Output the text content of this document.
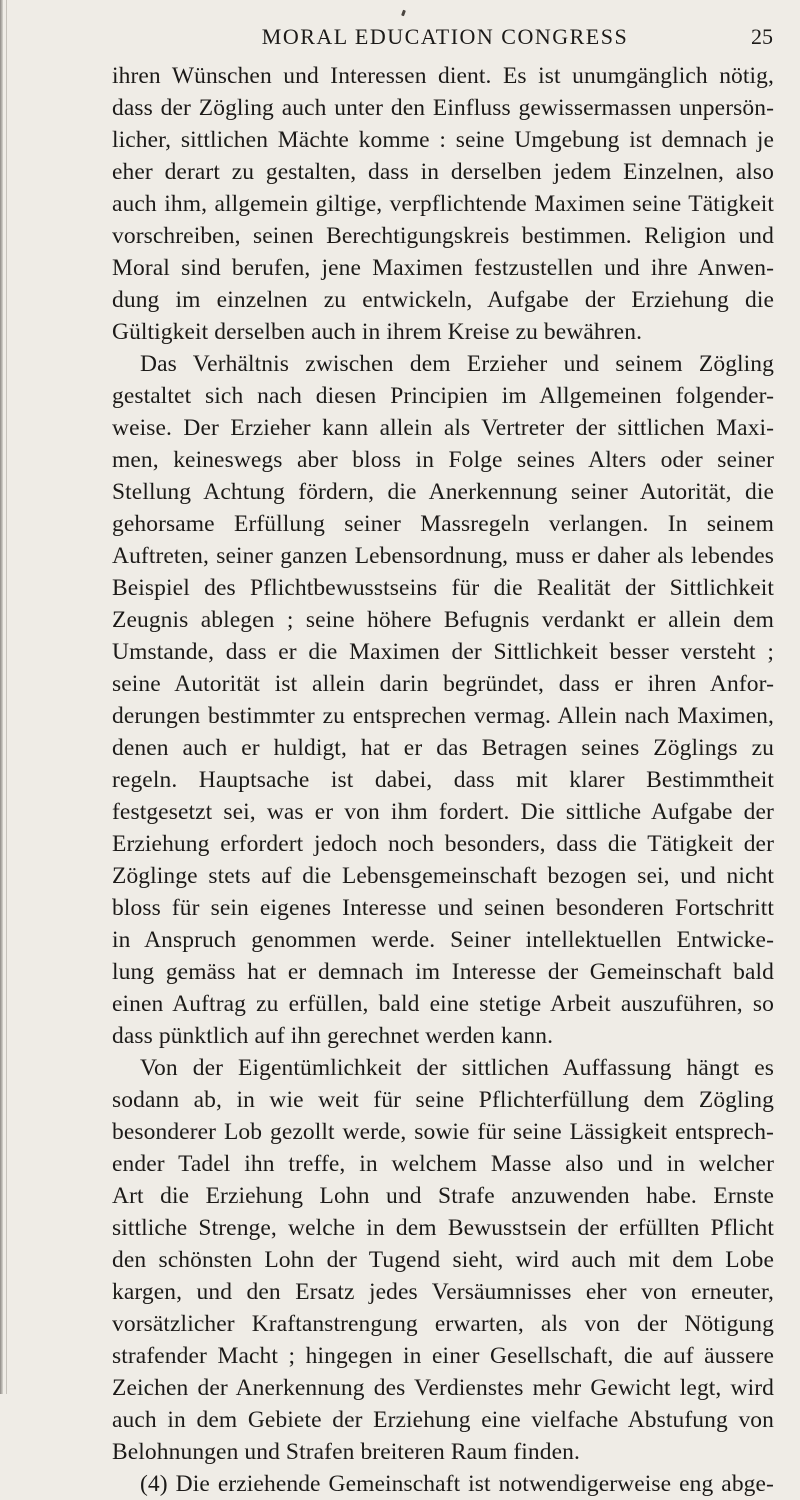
MORAL EDUCATION CONGRESS	25
ihren Wünschen und Interessen dient. Es ist unumgänglich nötig,
dass der Zögling auch unter den Einfluss gewissermassen unpersön-
licher, sittlichen Mächte komme : seine Umgebung ist demnach je
eher derart zu gestalten, dass in derselben jedem Einzelnen, also
auch ihm, allgemein giltige, verpflichtende Maximen seine Tätigkeit
vorschreiben, seinen Berechtigungskreis bestimmen. Religion und
Moral sind berufen, jene Maximen festzustellen und ihre Anwen-
dung im einzelnen zu entwickeln, Aufgabe der Erziehung die
Gültigkeit derselben auch in ihrem Kreise zu bewähren.
Das Verhältnis zwischen dem Erzieher und seinem Zögling
gestaltet sich nach diesen Principien im Allgemeinen folgender-
weise. Der Erzieher kann allein als Vertreter der sittlichen Maxi-
men, keineswegs aber bloss in Folge seines Alters oder seiner
Stellung Achtung fördern, die Anerkennung seiner Autorität, die
gehorsame Erfüllung seiner Massregeln verlangen. In seinem
Auftreten, seiner ganzen Lebensordnung, muss er daher als lebendes
Beispiel des Pflichtbewusstseins für die Realität der Sittlichkeit
Zeugnis ablegen ; seine höhere Befugnis verdankt er allein dem
Umstande, dass er die Maximen der Sittlichkeit besser versteht ;
seine Autorität ist allein darin begründet, dass er ihren Anfor-
derungen bestimmter zu entsprechen vermag. Allein nach Maximen,
denen auch er huldigt, hat er das Betragen seines Zöglings zu
regeln. Hauptsache ist dabei, dass mit klarer Bestimmtheit
festgesetzt sei, was er von ihm fordert. Die sittliche Aufgabe der
Erziehung erfordert jedoch noch besonders, dass die Tätigkeit der
Zöglinge stets auf die Lebensgemeinschaft bezogen sei, und nicht
bloss für sein eigenes Interesse und seinen besonderen Fortschritt
in Anspruch genommen werde. Seiner intellektuellen Entwicke-
lung gemäss hat er demnach im Interesse der Gemeinschaft bald
einen Auftrag zu erfüllen, bald eine stetige Arbeit auszuführen, so
dass pünktlich auf ihn gerechnet werden kann.
Von der Eigentümlichkeit der sittlichen Auffassung hängt es
sodann ab, in wie weit für seine Pflichterfüllung dem Zögling
besonderer Lob gezollt werde, sowie für seine Lässigkeit entsprech-
ender Tadel ihn treffe, in welchem Masse also und in welcher
Art die Erziehung Lohn und Strafe anzuwenden habe. Ernste
sittliche Strenge, welche in dem Bewusstsein der erfüllten Pflicht
den schönsten Lohn der Tugend sieht, wird auch mit dem Lobe
kargen, und den Ersatz jedes Versäumnisses eher von erneuter,
vorsätzlicher Kraftanstrengung erwarten, als von der Nötigung
strafender Macht ; hingegen in einer Gesellschaft, die auf äussere
Zeichen der Anerkennung des Verdienstes mehr Gewicht legt, wird
auch in dem Gebiete der Erziehung eine vielfache Abstufung von
Belohnungen und Strafen breiteren Raum finden.
(4) Die erziehende Gemeinschaft ist notwendigerweise eng abge-
